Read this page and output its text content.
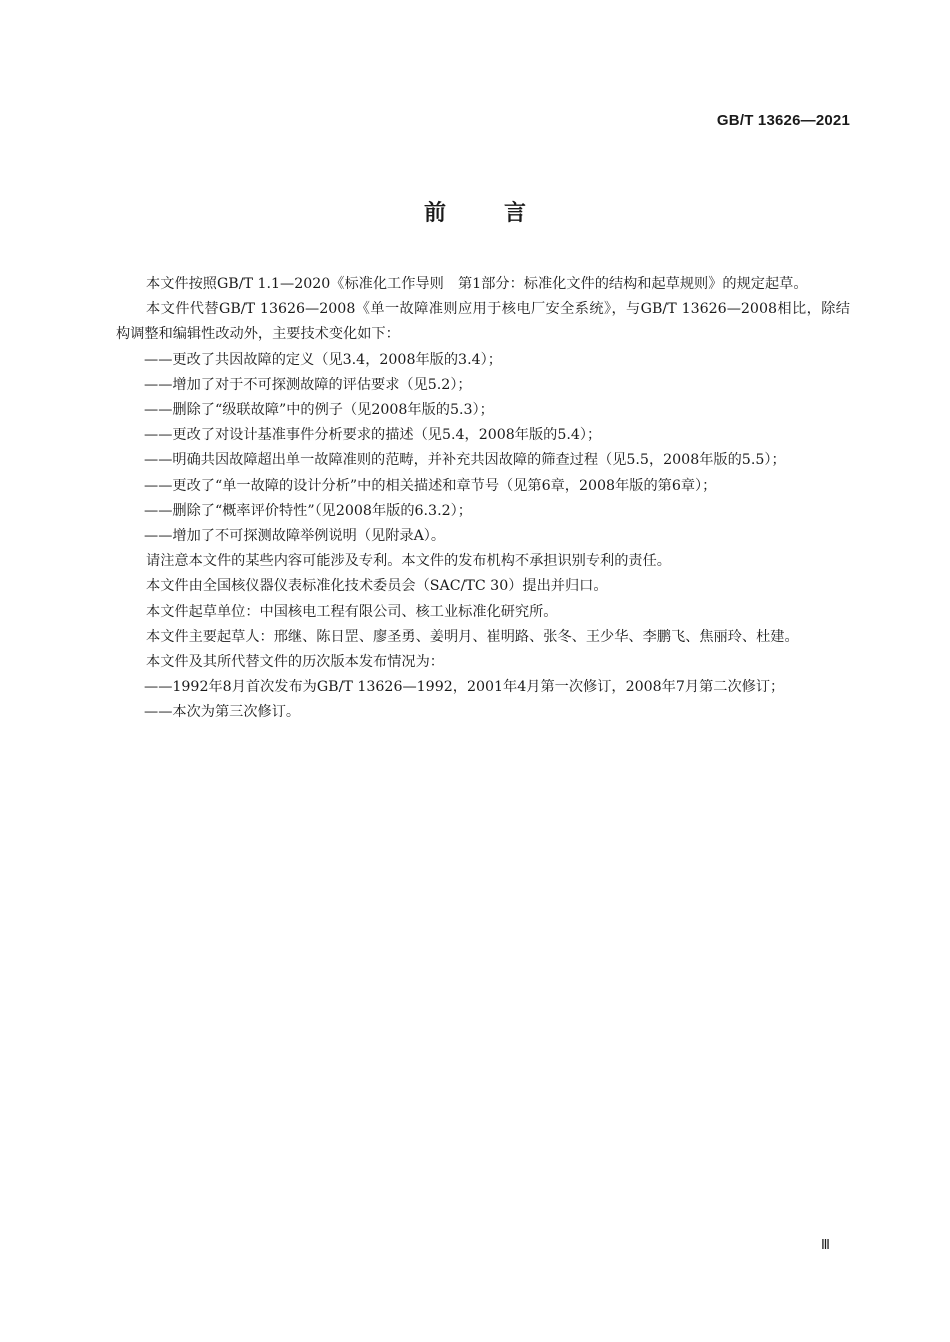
GB/T 13626—2021
前言

本文件按照GB/T 1.1—2020《标准化工作导则　第1部分：标准化文件的结构和起草规则》的规定起草。

本文件代替GB/T 13626—2008《单一故障准则应用于核电厂安全系统》，与GB/T 13626—2008相比，除结构调整和编辑性改动外，主要技术变化如下：

——更改了共因故障的定义（见3.4，2008年版的3.4）；

——增加了对于不可探测故障的评估要求（见5.2）；

——删除了“级联故障”中的例子（见2008年版的5.3）；

——更改了对设计基准事件分析要求的描述（见5.4，2008年版的5.4）；

——明确共因故障超出单一故障准则的范畴，并补充共因故障的筛查过程（见5.5，2008年版的5.5）；

——更改了“单一故障的设计分析”中的相关描述和章节号（见第6章，2008年版的第6章）；

——删除了“概率评价特性”（见2008年版的6.3.2）；

——增加了不可探测故障举例说明（见附录A）。

请注意本文件的某些内容可能涉及专利。本文件的发布机构不承担识别专利的责任。

本文件由全国核仪器仪表标准化技术委员会（SAC/TC 30）提出并归口。

本文件起草单位：中国核电工程有限公司、核工业标准化研究所。

本文件主要起草人：邢继、陈日罡、廖圣勇、姜明月、崔明路、张冬、王少华、李鹏飞、焦丽玲、杜建。

本文件及其所代替文件的历次版本发布情况为：

——1992年8月首次发布为GB/T 13626—1992，2001年4月第一次修订，2008年7月第二次修订；

——本次为第三次修订。

Ⅲ
